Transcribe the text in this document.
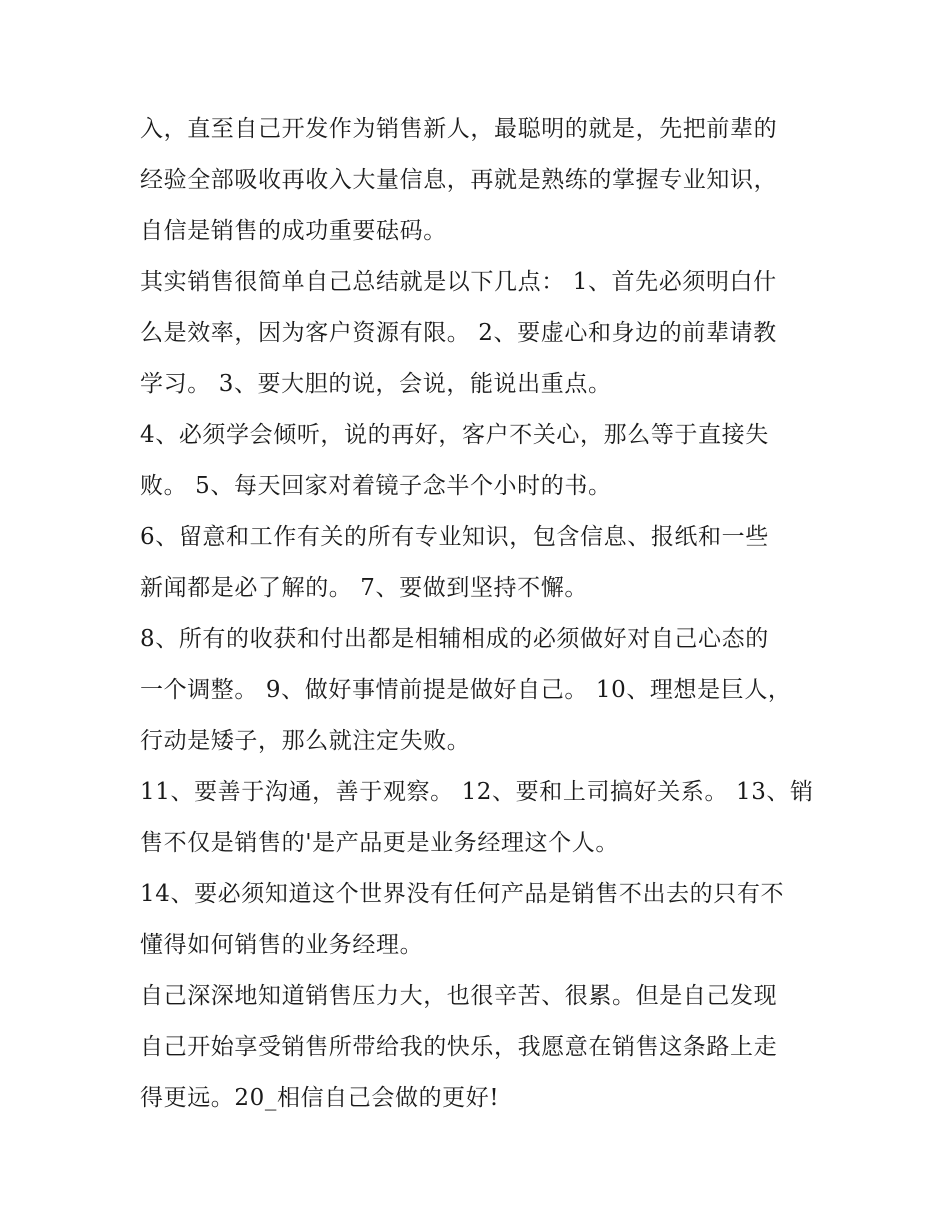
入，直至自己开发作为销售新人，最聪明的就是，先把前辈的
经验全部吸收再收入大量信息，再就是熟练的掌握专业知识，
自信是销售的成功重要砝码。
其实销售很简单自己总结就是以下几点： 1、首先必须明白什
么是效率，因为客户资源有限。 2、要虚心和身边的前辈请教
学习。 3、要大胆的说，会说，能说出重点。
4、必须学会倾听，说的再好，客户不关心，那么等于直接失
败。 5、每天回家对着镜子念半个小时的书。
6、留意和工作有关的所有专业知识，包含信息、报纸和一些
新闻都是必了解的。 7、要做到坚持不懈。
8、所有的收获和付出都是相辅相成的必须做好对自己心态的
一个调整。 9、做好事情前提是做好自己。 10、理想是巨人，
行动是矮子，那么就注定失败。
11、要善于沟通，善于观察。 12、要和上司搞好关系。 13、销
售不仅是销售的'是产品更是业务经理这个人。
14、要必须知道这个世界没有任何产品是销售不出去的只有不
懂得如何销售的业务经理。
自己深深地知道销售压力大，也很辛苦、很累。但是自己发现
自己开始享受销售所带给我的快乐，我愿意在销售这条路上走
得更远。20_相信自己会做的更好!
